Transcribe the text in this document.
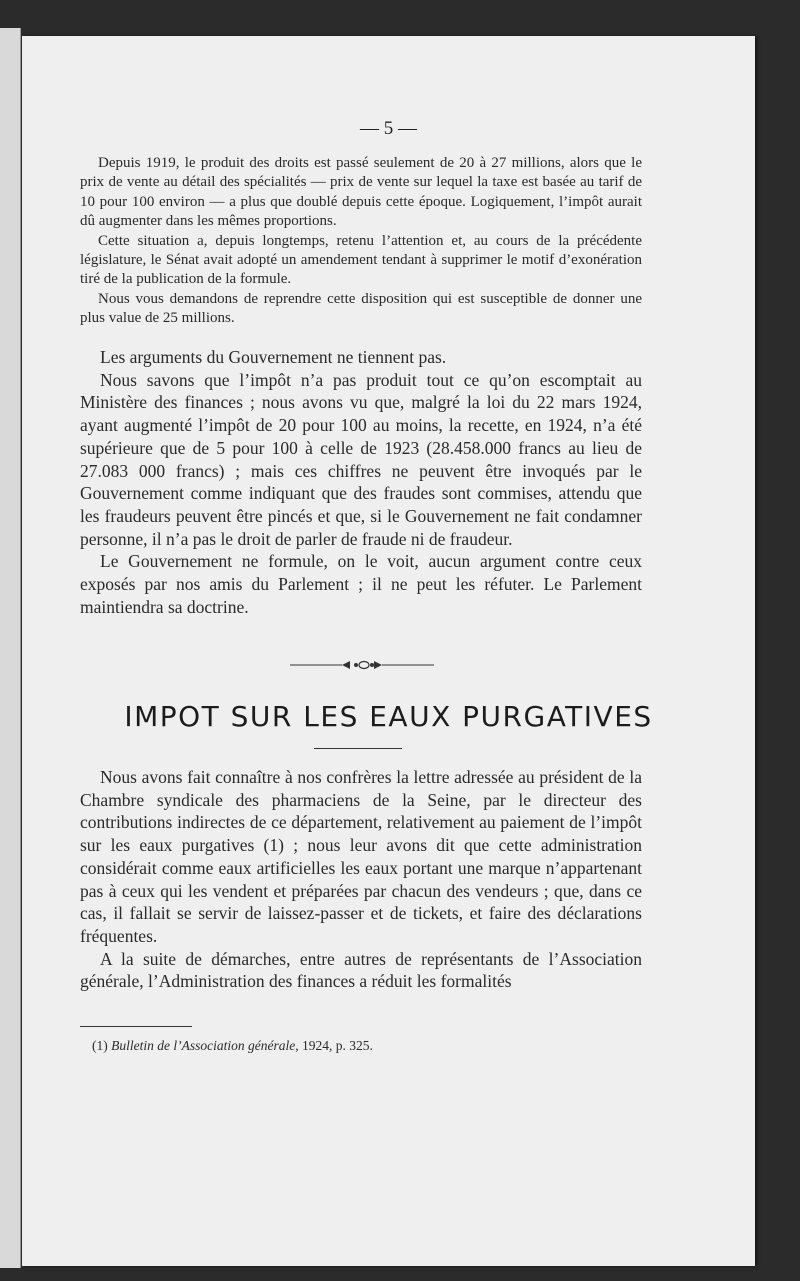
— 5 —

Depuis 1919, le produit des droits est passé seulement de 20 à 27 millions, alors que le prix de vente au détail des spécialités — prix de vente sur lequel la taxe est basée au tarif de 10 pour 100 environ — a plus que doublé depuis cette époque. Logiquement, l’impôt aurait dû augmenter dans les mêmes proportions.

Cette situation a, depuis longtemps, retenu l’attention et, au cours de la précédente législature, le Sénat avait adopté un amendement tendant à supprimer le motif d’exonération tiré de la publication de la formule.

Nous vous demandons de reprendre cette disposition qui est susceptible de donner une plus value de 25 millions.

Les arguments du Gouvernement ne tiennent pas.

Nous savons que l’impôt n’a pas produit tout ce qu’on escomptait au Ministère des finances ; nous avons vu que, malgré la loi du 22 mars 1924, ayant augmenté l’impôt de 20 pour 100 au moins, la recette, en 1924, n’a été supérieure que de 5 pour 100 à celle de 1923 (28.458.000 francs au lieu de 27.083 000 francs) ; mais ces chiffres ne peuvent être invoqués par le Gouvernement comme indiquant que des fraudes sont commises, attendu que les fraudeurs peuvent être pincés et que, si le Gouvernement ne fait condamner personne, il n’a pas le droit de parler de fraude ni de fraudeur.

Le Gouvernement ne formule, on le voit, aucun argument contre ceux exposés par nos amis du Parlement ; il ne peut les réfuter. Le Parlement maintiendra sa doctrine.

IMPOT SUR LES EAUX PURGATIVES

Nous avons fait connaître à nos confrères la lettre adressée au président de la Chambre syndicale des pharmaciens de la Seine, par le directeur des contributions indirectes de ce département, relativement au paiement de l’impôt sur les eaux purgatives (1) ; nous leur avons dit que cette administration considérait comme eaux artificielles les eaux portant une marque n’appartenant pas à ceux qui les vendent et préparées par chacun des vendeurs ; que, dans ce cas, il fallait se servir de laissez-passer et de tickets, et faire des déclarations fréquentes.

A la suite de démarches, entre autres de représentants de l’Association générale, l’Administration des finances a réduit les formalités

(1) Bulletin de l’Association générale, 1924, p. 325.
